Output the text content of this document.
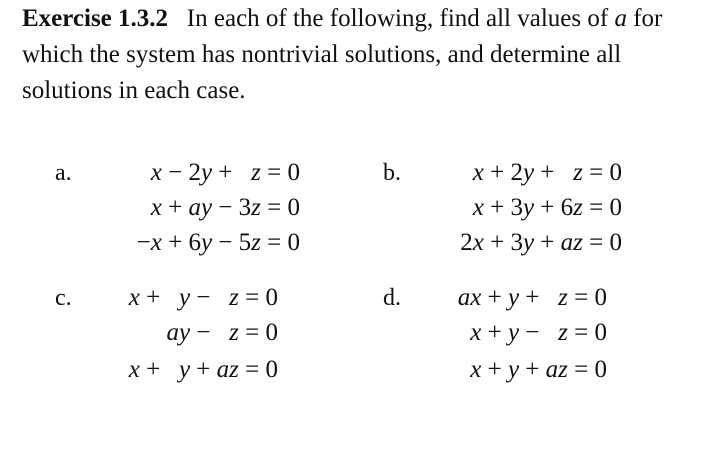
Exercise 1.3.2 In each of the following, find all values of a for which the system has nontrivial solutions, and determine all solutions in each case.
a.	x − 2y + z = 0
x + ay − 3z = 0
−x + 6y − 5z = 0
b.	x + 2y + z = 0
x + 3y + 6z = 0
2x + 3y + az = 0
c. x + y − z = 0
ay − z = 0
x + y + az = 0
d. ax + y + z = 0
x + y − z = 0
x + y + az = 0
